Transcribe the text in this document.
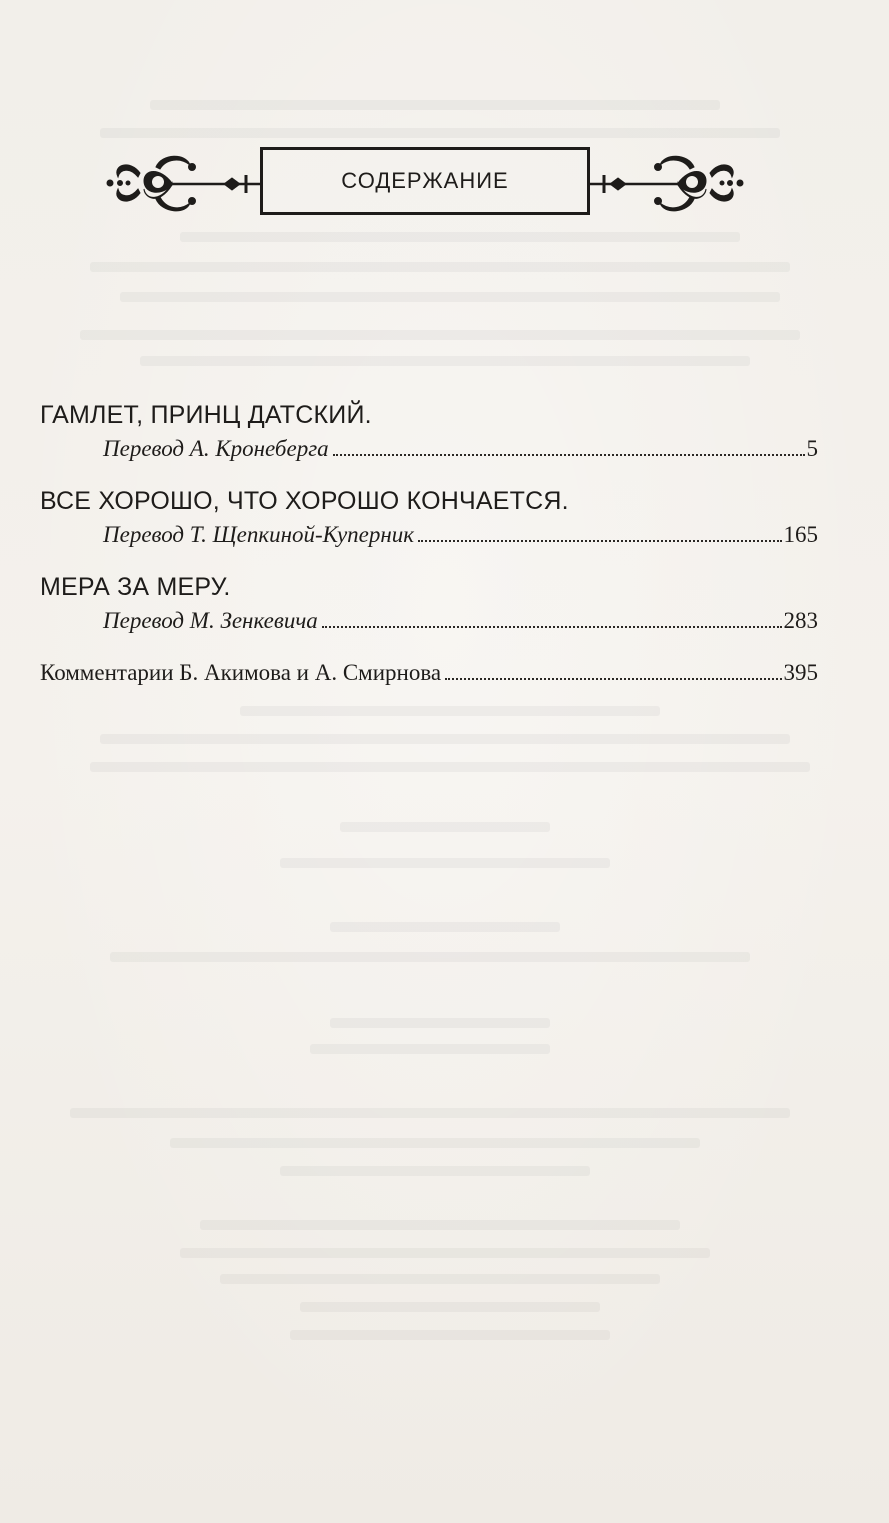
СОДЕРЖАНИЕ
ГАМЛЕТ, ПРИНЦ ДАТСКИЙ.
Перевод А. Кронеберга	5
ВСЕ ХОРОШО, ЧТО ХОРОШО КОНЧАЕТСЯ.
Перевод Т. Щепкиной-Куперник	165
МЕРА ЗА МЕРУ.
Перевод М. Зенкевича	283
Комментарии Б. Акимова и А. Смирнова	395
